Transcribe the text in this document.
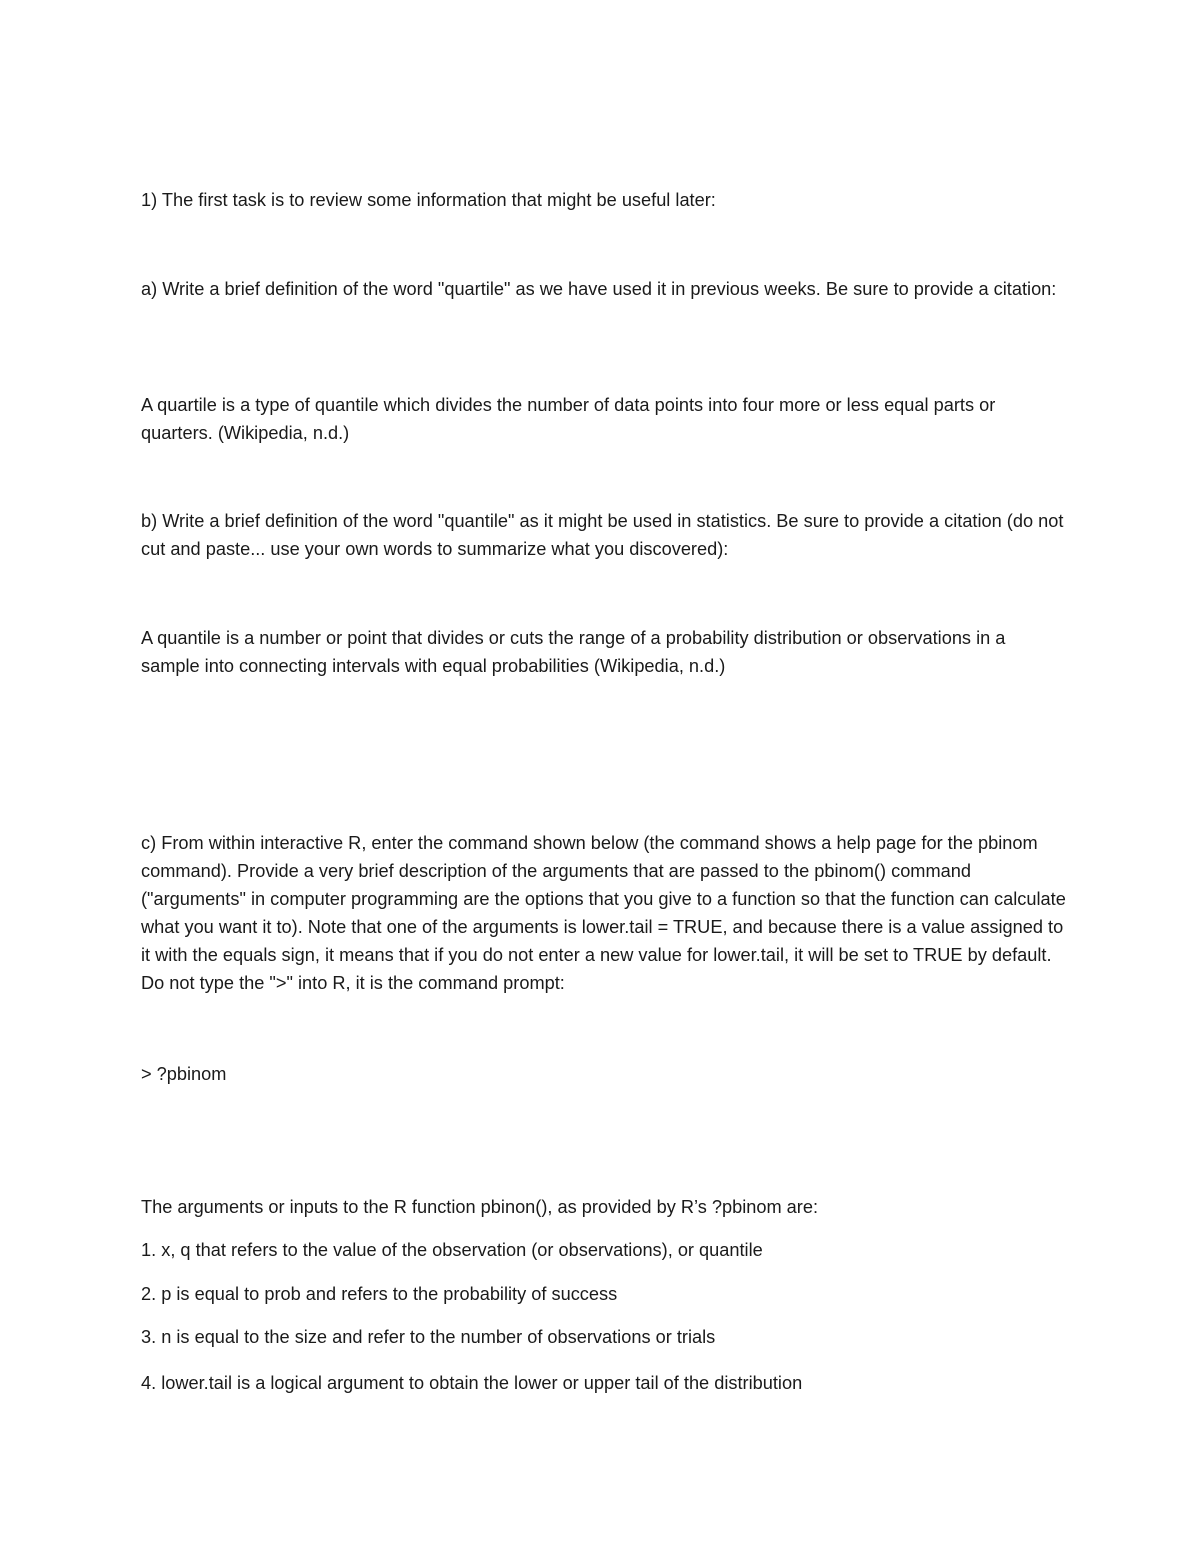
1) The first task is to review some information that might be useful later:

a) Write a brief definition of the word "quartile" as we have used it in previous weeks. Be sure to provide a citation:

A quartile is a type of quantile which divides the number of data points into four more or less equal parts or quarters. (Wikipedia, n.d.)

b) Write a brief definition of the word "quantile" as it might be used in statistics. Be sure to provide a citation (do not cut and paste... use your own words to summarize what you discovered):

A quantile is a number or point that divides or cuts the range of a probability distribution or observations in a sample into connecting intervals with equal probabilities (Wikipedia, n.d.)

c) From within interactive R, enter the command shown below (the command shows a help page for the pbinom command). Provide a very brief description of the arguments that are passed to the pbinom() command ("arguments" in computer programming are the options that you give to a function so that the function can calculate what you want it to). Note that one of the arguments is lower.tail = TRUE, and because there is a value assigned to it with the equals sign, it means that if you do not enter a new value for lower.tail, it will be set to TRUE by default. Do not type the ">" into R, it is the command prompt:

> ?pbinom

The arguments or inputs to the R function pbinon(), as provided by R’s ?pbinom are:

1. x, q that refers to the value of the observation (or observations), or quantile

2. p is equal to prob and refers to the probability of success

3. n is equal to the size and refer to the number of observations or trials

4. lower.tail is a logical argument to obtain the lower or upper tail of the distribution
